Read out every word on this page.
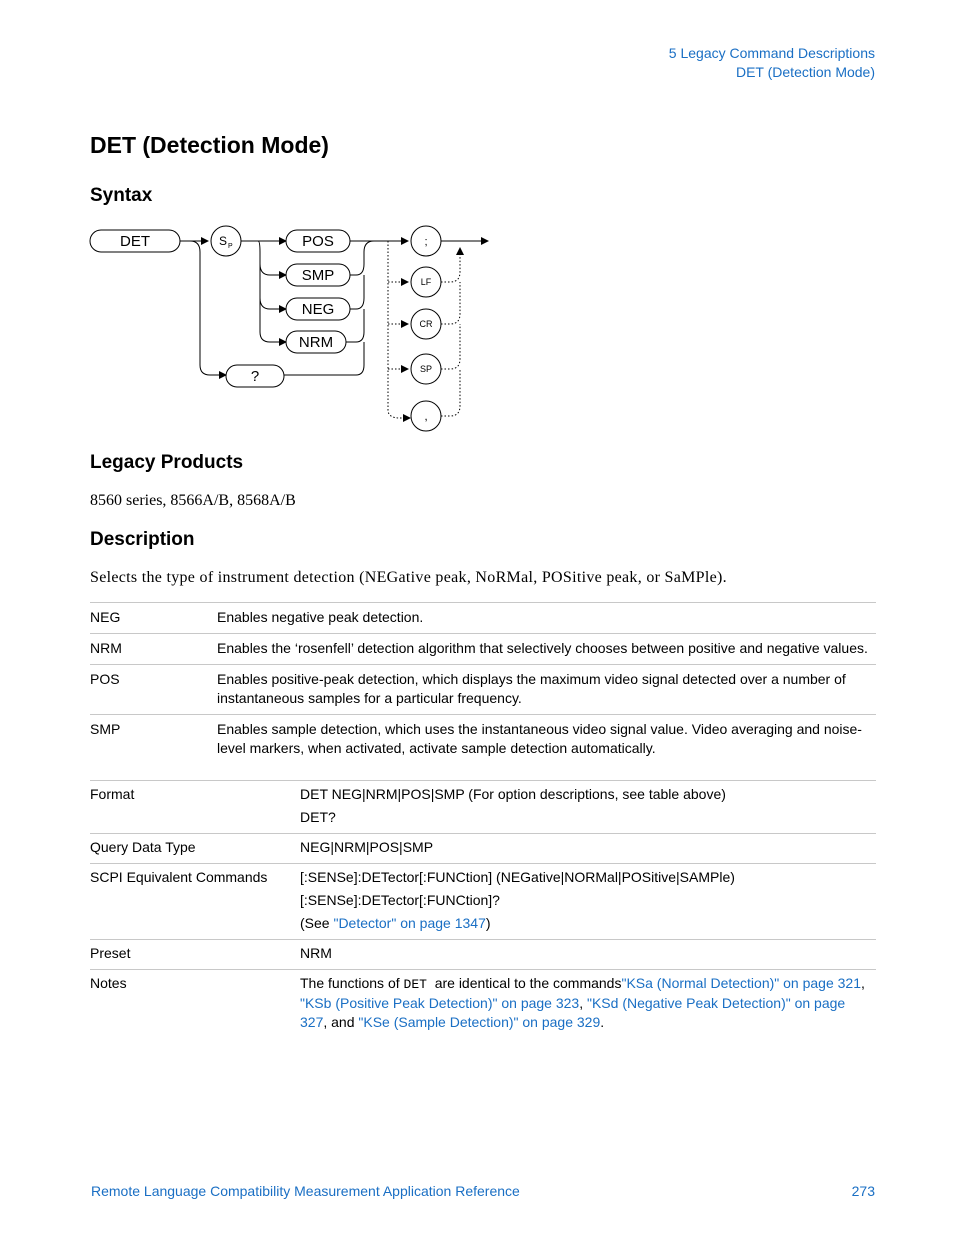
5 Legacy Command Descriptions
DET (Detection Mode)
DET (Detection Mode)
Syntax
DET	S P	POS
SMP
NEG
NRM
?
;
LF
CR
SP
,
Legacy Products
8560 series, 8566A/B, 8568A/B
Description
Selects the type of instrument detection (NEGative peak, NoRMal, POSitive peak, or SaMPle).
NEG	Enables negative peak detection.
NRM	Enables the ‘rosenfell’ detection algorithm that selectively chooses between positive and negative values.
POS	Enables positive-peak detection, which displays the maximum video signal detected over a number of instantaneous samples for a particular frequency.
SMP	Enables sample detection, which uses the instantaneous video signal value. Video averaging and noise-level markers, when activated, activate sample detection automatically.
Format	DET NEG|NRM|POS|SMP (For option descriptions, see table above)
DET?

Query Data Type	NEG|NRM|POS|SMP
SCPI Equivalent Commands	[:SENSe]:DETector[:FUNCtion] (NEGative|NORMal|POSitive|SAMPle)
[:SENSe]:DETector[:FUNCtion]?
(See "Detector" on page 1347)

Preset	NRM
Notes	The functions of DET  are identical to the commands"KSa (Normal Detection)" on page 321, "KSb (Positive Peak Detection)" on page 323, "KSd (Negative Peak Detection)" on page 327, and "KSe (Sample Detection)" on page 329.
Remote Language Compatibility Measurement Application Reference	273
